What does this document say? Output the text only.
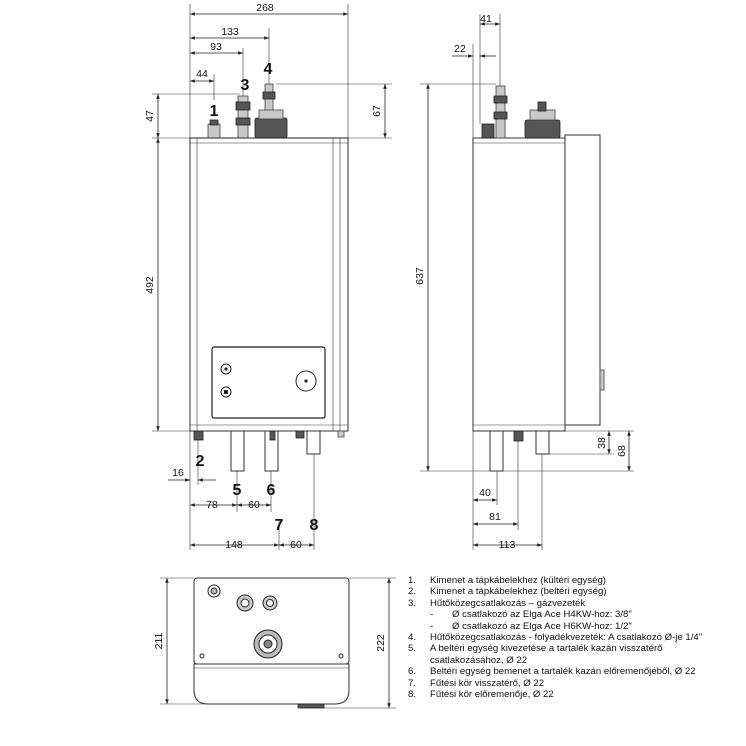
268
133
93
44
47
492
67
16
78	60
148	60
1
3
4
2
5 6
7 8
41
22
637
38
68
40
81
113
211	222
1. Kimenet a tápkábelekhez (kültéri egység)
2. Kimenet a tápkábelekhez (beltéri egység)
3. Hűtőközegcsatlakozás – gázvezeték
- Ø csatlakozó az Elga Ace H4KW-hoz: 3/8"
- Ø csatlakozó az Elga Ace H6KW-hoz: 1/2"
4. Hűtőközegcsatlakozás - folyadékvezeték: A csatlakozó Ø-je 1/4"
5. A beltéri egység kivezetése a tartalék kazán visszatérő csatlakozásához, Ø 22
6. Beltéri egység bemenet a tartalék kazán előremenőjéből, Ø 22
7. Fűtési kör visszatérő, Ø 22
8. Fűtési kör előremenője, Ø 22
